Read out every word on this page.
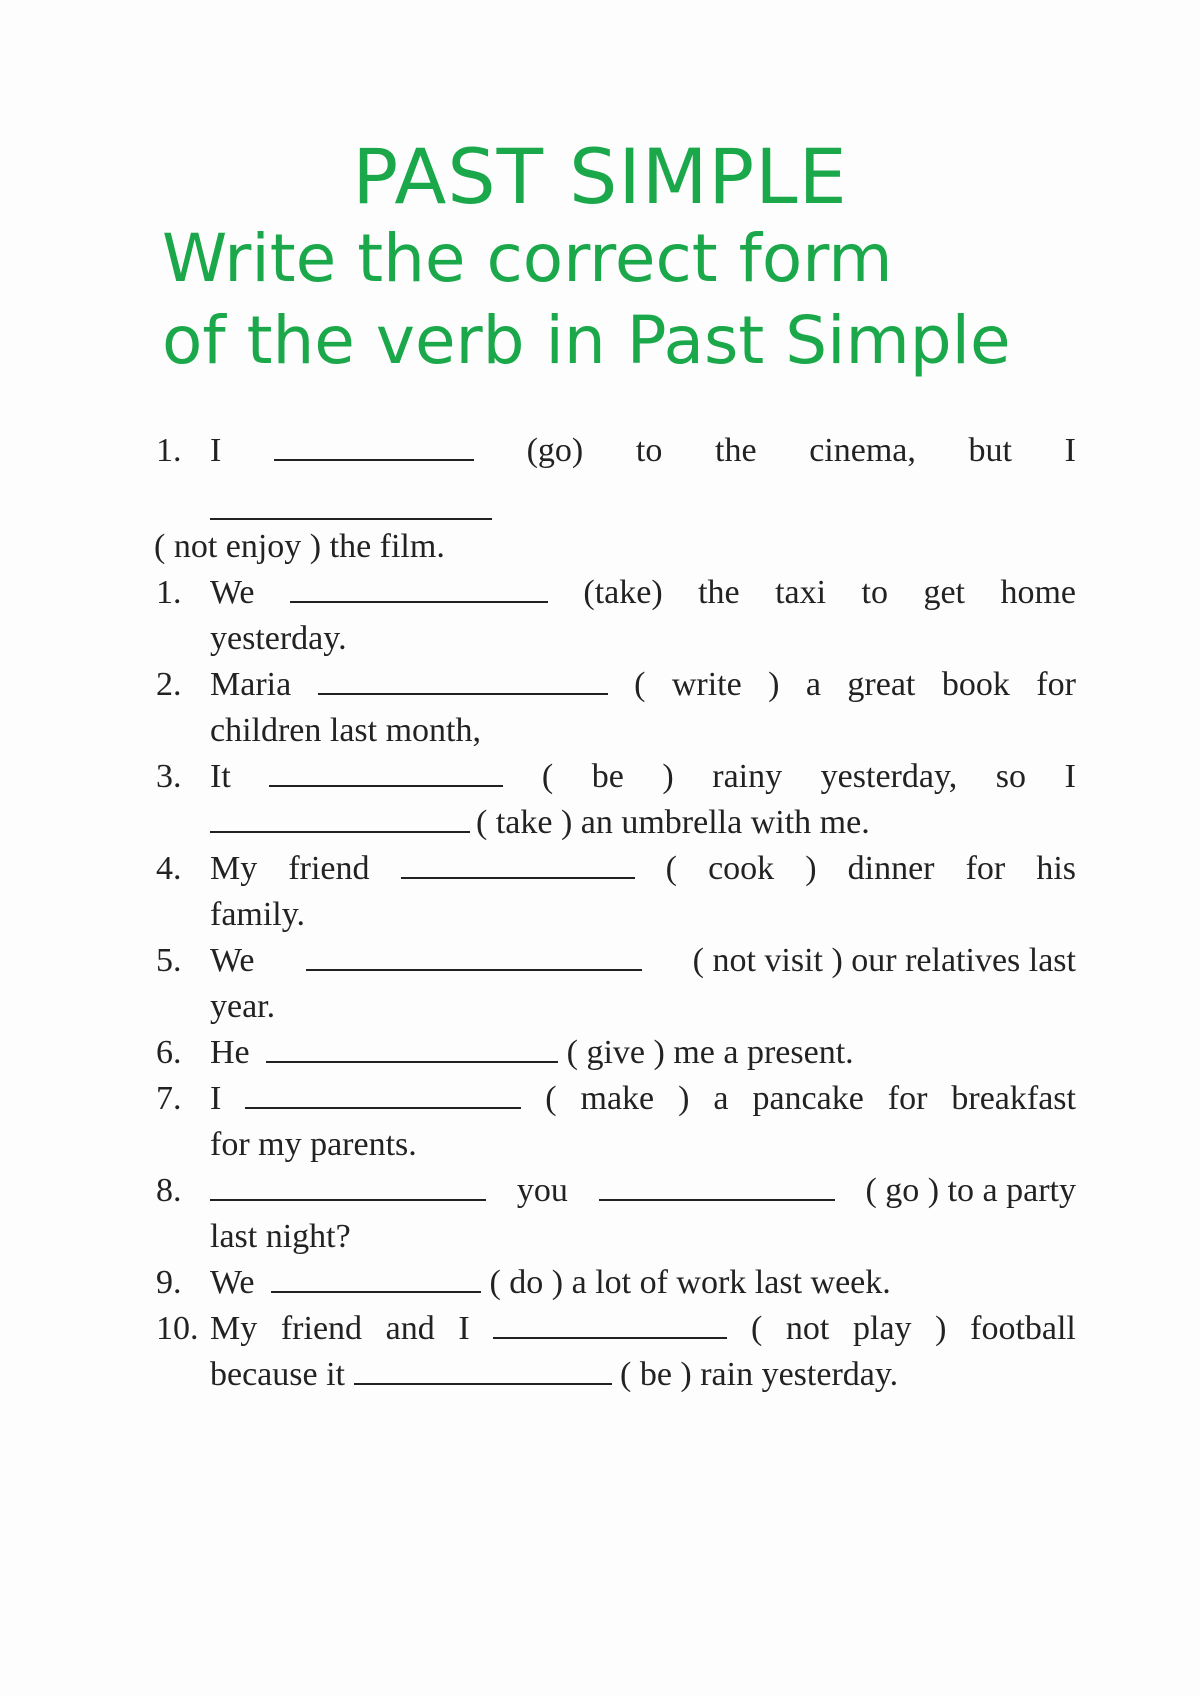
PAST SIMPLE
Write the correct form
of the verb in Past Simple
1. I	(go) to the cinema, but I
( not enjoy ) the film.
1. We	(take) the taxi to get home
yesterday.
2. Maria	( write ) a great book for
children last month,
3. It	( be ) rainy yesterday, so I
( take ) an umbrella with me.
4. My friend	( cook ) dinner for his
family.
5. We	( not visit ) our relatives last
year.
6. He	( give ) me a present.
7. I	( make ) a pancake for breakfast
for my parents.
8.	you	( go ) to a party
last night?
9. We	( do ) a lot of work last week.
10. My friend and I	( not play ) football
because it	( be ) rain yesterday.
